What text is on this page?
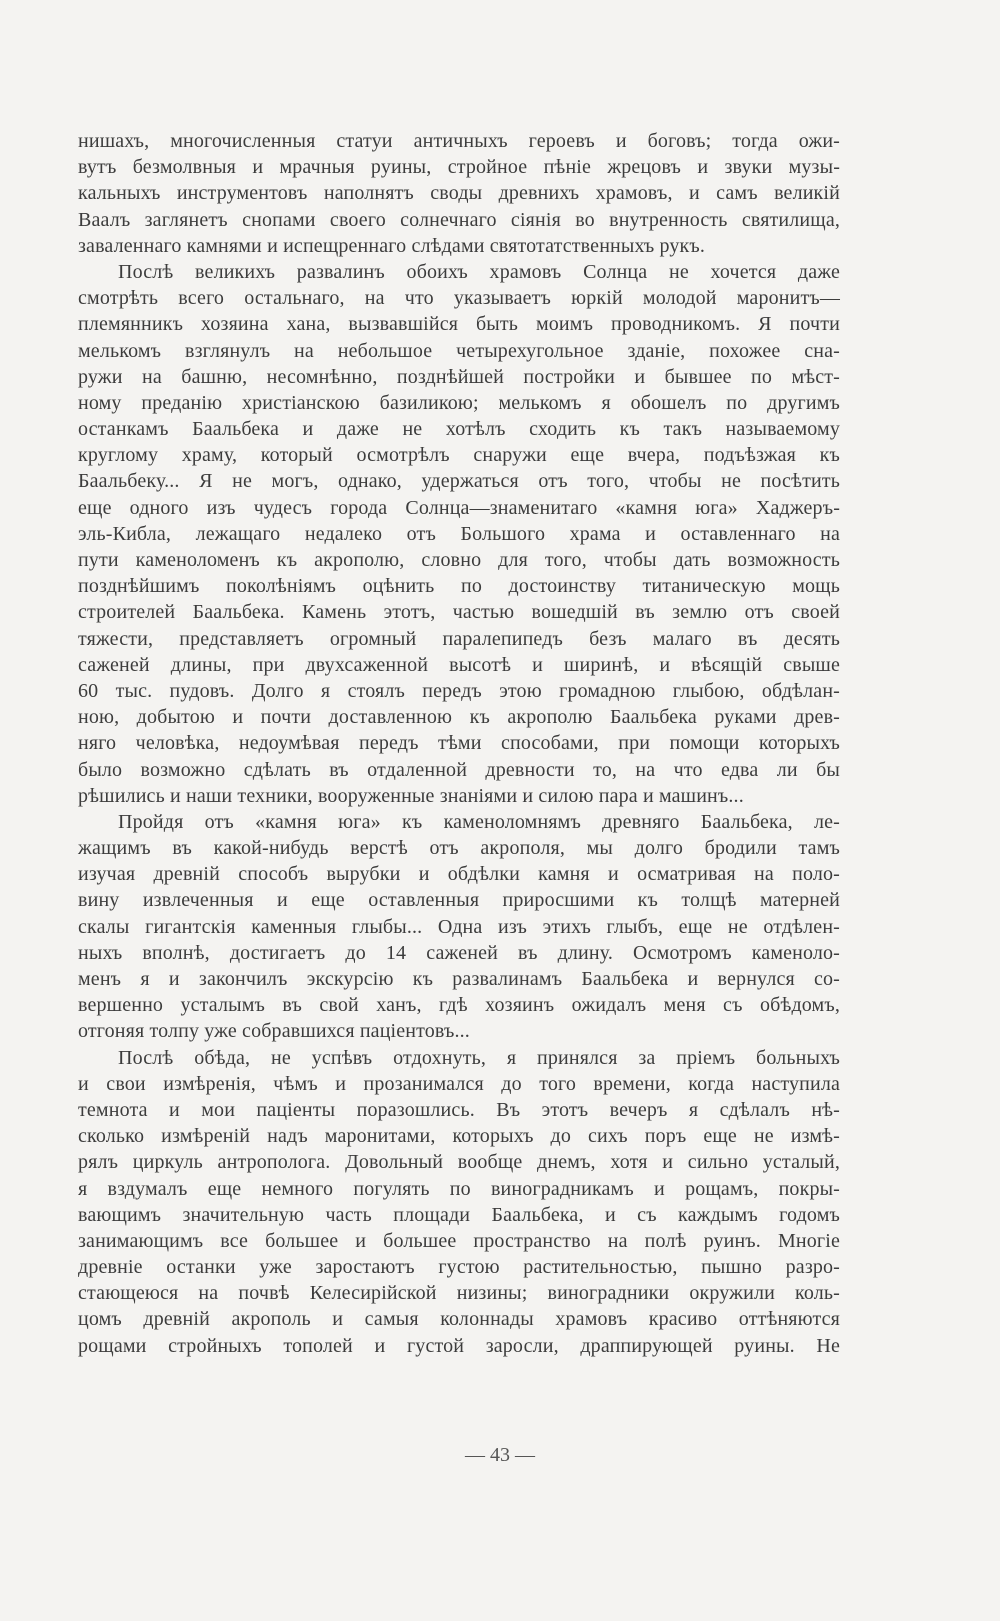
нишахъ, многочисленныя статуи античныхъ героевъ и боговъ; тогда ожи-
вутъ безмолвныя и мрачныя руины, стройное пѣніе жрецовъ и звуки музы-
кальныхъ инструментовъ наполнятъ своды древнихъ храмовъ, и самъ великій
Ваалъ заглянетъ снопами своего солнечнаго сіянія во внутренность святилища,
заваленнаго камнями и испещреннаго слѣдами святотатственныхъ рукъ.
Послѣ великихъ развалинъ обоихъ храмовъ Солнца не хочется даже
смотрѣть всего остальнаго, на что указываетъ юркій молодой маронитъ—
племянникъ хозяина хана, вызвавшійся быть моимъ проводникомъ. Я почти
мелькомъ взглянулъ на небольшое четырехугольное зданіе, похожее сна-
ружи на башню, несомнѣнно, позднѣйшей постройки и бывшее по мѣст-
ному преданію христіанскою базиликою; мелькомъ я обошелъ по другимъ
останкамъ Баальбека и даже не хотѣлъ сходить къ такъ называемому
круглому храму, который осмотрѣлъ снаружи еще вчера, подъѣзжая къ
Баальбеку... Я не могъ, однако, удержаться отъ того, чтобы не посѣтить
еще одного изъ чудесъ города Солнца—знаменитаго «камня юга» Хаджеръ-
эль-Кибла, лежащаго недалеко отъ Большого храма и оставленнаго на
пути каменоломенъ къ акрополю, словно для того, чтобы дать возможность
позднѣйшимъ поколѣніямъ оцѣнить по достоинству титаническую мощь
строителей Баальбека. Камень этотъ, частью вошедшій въ землю отъ своей
тяжести, представляетъ огромный паралепипедъ безъ малаго въ десять
саженей длины, при двухсаженной высотѣ и ширинѣ, и вѣсящій свыше
60 тыс. пудовъ. Долго я стоялъ передъ этою громадною глыбою, обдѣлан-
ною, добытою и почти доставленною къ акрополю Баальбека руками древ-
няго человѣка, недоумѣвая передъ тѣми способами, при помощи которыхъ
было возможно сдѣлать въ отдаленной древности то, на что едва ли бы
рѣшились и наши техники, вооруженные знаніями и силою пара и машинъ...
Пройдя отъ «камня юга» къ каменоломнямъ древняго Баальбека, ле-
жащимъ въ какой-нибудь верстѣ отъ акрополя, мы долго бродили тамъ
изучая древній способъ вырубки и обдѣлки камня и осматривая на поло-
вину извлеченныя и еще оставленныя приросшими къ толщѣ матерней
скалы гигантскія каменныя глыбы... Одна изъ этихъ глыбъ, еще не отдѣлен-
ныхъ вполнѣ, достигаетъ до 14 саженей въ длину. Осмотромъ каменоло-
менъ я и закончилъ экскурсію къ развалинамъ Баальбека и вернулся со-
вершенно усталымъ въ свой ханъ, гдѣ хозяинъ ожидалъ меня съ обѣдомъ,
отгоняя толпу уже собравшихся паціентовъ...
Послѣ обѣда, не успѣвъ отдохнуть, я принялся за пріемъ больныхъ
и свои измѣренія, чѣмъ и прозанимался до того времени, когда наступила
темнота и мои паціенты поразошлись. Въ этотъ вечеръ я сдѣлалъ нѣ-
сколько измѣреній надъ маронитами, которыхъ до сихъ поръ еще не измѣ-
рялъ циркуль антрополога. Довольный вообще днемъ, хотя и сильно усталый,
я вздумалъ еще немного погулять по виноградникамъ и рощамъ, покры-
вающимъ значительную часть площади Баальбека, и съ каждымъ годомъ
занимающимъ все большее и большее пространство на полѣ руинъ. Многіе
древніе останки уже заростаютъ густою растительностью, пышно разро-
стающеюся на почвѣ Келесирійской низины; виноградники окружили коль-
цомъ древній акрополь и самыя колоннады храмовъ красиво оттѣняются
рощами стройныхъ тополей и густой заросли, драппирующей руины. Не
— 43 —
